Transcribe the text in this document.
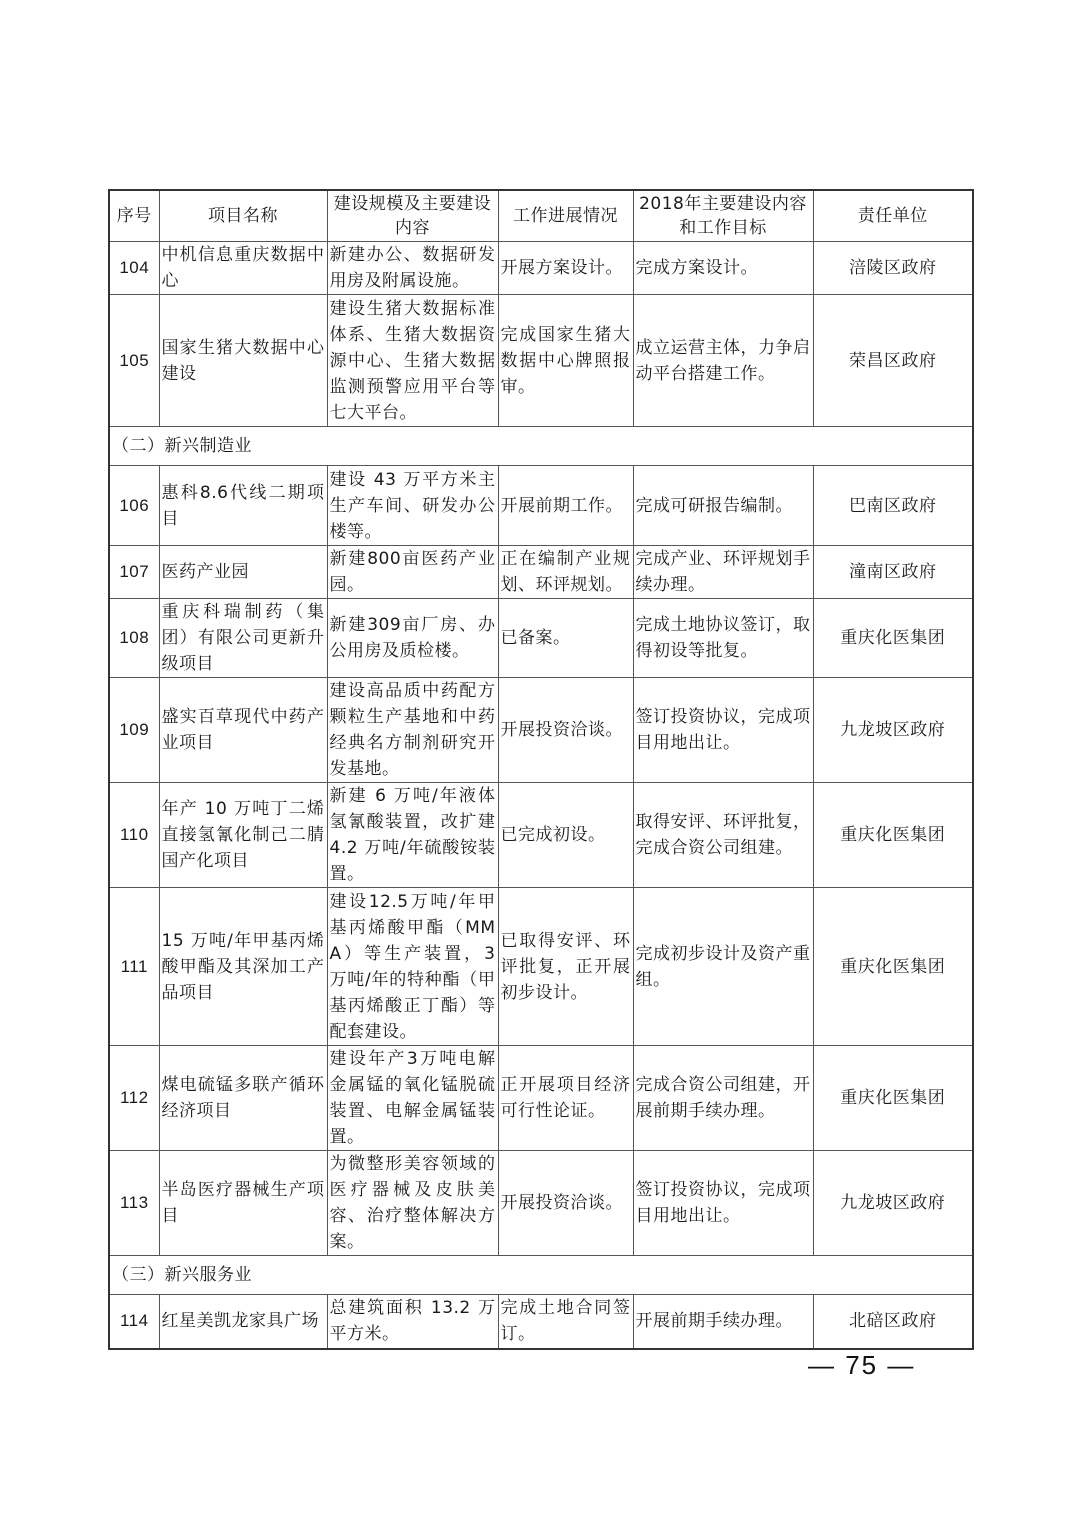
序号	项目名称	建设规模及主要建设内容	工作进展情况	2018年主要建设内容和工作目标	责任单位
104	中机信息重庆数据中心	新建办公、数据研发用房及附属设施。	开展方案设计。	完成方案设计。	涪陵区政府
105	国家生猪大数据中心建设	建设生猪大数据标准体系、生猪大数据资源中心、生猪大数据监测预警应用平台等七大平台。	完成国家生猪大数据中心牌照报审。	成立运营主体，力争启动平台搭建工作。	荣昌区政府
（二）新兴制造业					
106	惠科8.6代线二期项目	建设 43 万平方米主生产车间、研发办公楼等。	开展前期工作。	完成可研报告编制。	巴南区政府
107	医药产业园	新建800亩医药产业园。	正在编制产业规划、环评规划。	完成产业、环评规划手续办理。	潼南区政府
108	重庆科瑞制药（集团）有限公司更新升级项目	新建309亩厂房、办公用房及质检楼。	已备案。	完成土地协议签订，取得初设等批复。	重庆化医集团
109	盛实百草现代中药产业项目	建设高品质中药配方颗粒生产基地和中药经典名方制剂研究开发基地。	开展投资洽谈。	签订投资协议，完成项目用地出让。	九龙坡区政府
110	年产 10 万吨丁二烯直接氢氰化制己二腈国产化项目	新建 6 万吨/年液体氢氰酸装置，改扩建 4.2 万吨/年硫酸铵装置。	已完成初设。	取得安评、环评批复，完成合资公司组建。	重庆化医集团
111	15 万吨/年甲基丙烯酸甲酯及其深加工产品项目	建设12.5万吨/年甲基丙烯酸甲酯（MMA）等生产装置，3 万吨/年的特种酯（甲基丙烯酸正丁酯）等配套建设。	已取得安评、环评批复，正开展初步设计。	完成初步设计及资产重组。	重庆化医集团
112	煤电硫锰多联产循环经济项目	建设年产3万吨电解金属锰的氧化锰脱硫装置、电解金属锰装置。	正开展项目经济可行性论证。	完成合资公司组建，开展前期手续办理。	重庆化医集团
113	半岛医疗器械生产项目	为微整形美容领域的医疗器械及皮肤美容、治疗整体解决方案。	开展投资洽谈。	签订投资协议，完成项目用地出让。	九龙坡区政府
（三）新兴服务业					
114	红星美凯龙家具广场	总建筑面积 13.2 万平方米。	完成土地合同签订。	开展前期手续办理。	北碚区政府
— 75 —
